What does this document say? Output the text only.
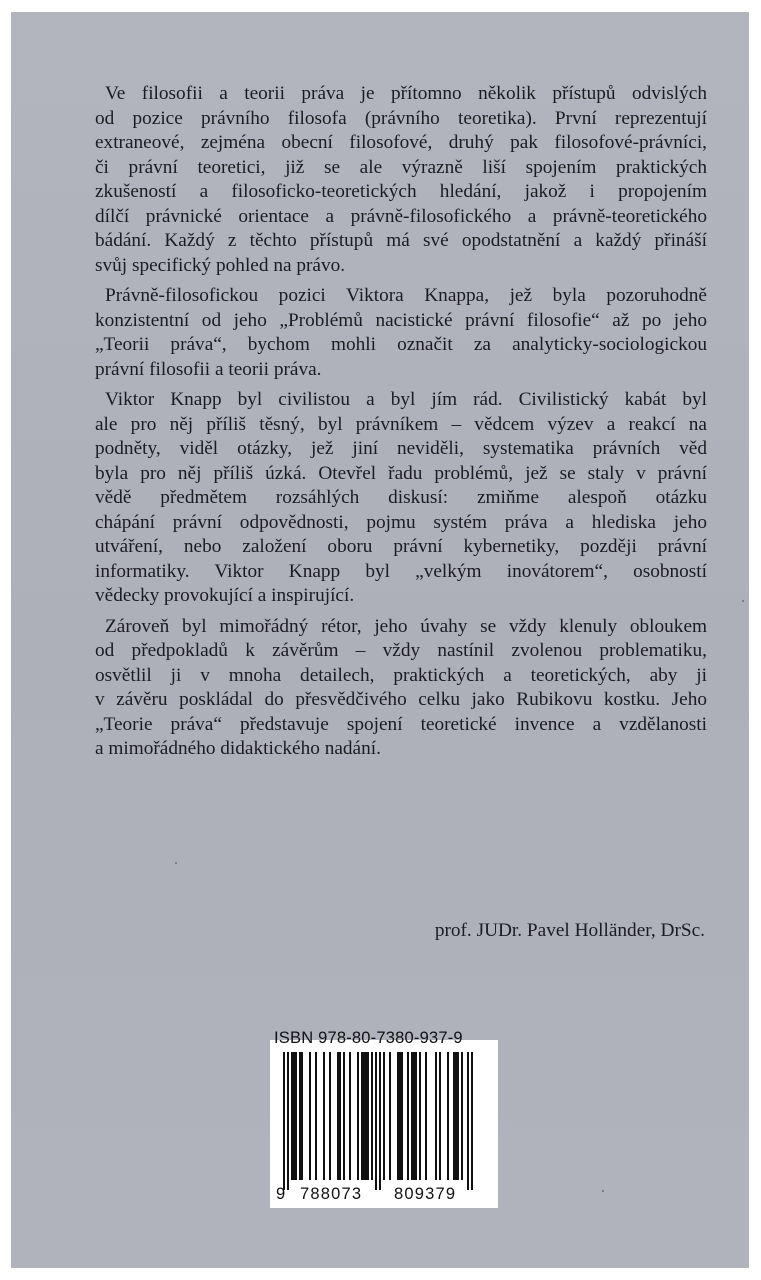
Ve filosofii a teorii práva je přítomno několik přístupů odvislých
od pozice právního filosofa (právního teoretika). První reprezentují
extraneové, zejména obecní filosofové, druhý pak filosofové-právníci,
či právní teoretici, již se ale výrazně liší spojením praktických
zkušeností a filosoficko-teoretických hledání, jakož i propojením
dílčí právnické orientace a právně-filosofického a právně-teoretického
bádání. Každý z těchto přístupů má své opodstatnění a každý přináší
svůj specifický pohled na právo.
Právně-filosofickou pozici Viktora Knappa, jež byla pozoruhodně
konzistentní od jeho „Problémů nacistické právní filosofie“ až po jeho
„Teorii práva“, bychom mohli označit za analyticky-sociologickou
právní filosofii a teorii práva.
Viktor Knapp byl civilistou a byl jím rád. Civilistický kabát byl
ale pro něj příliš těsný, byl právníkem – vědcem výzev a reakcí na
podněty, viděl otázky, jež jiní neviděli, systematika právních věd
byla pro něj příliš úzká. Otevřel řadu problémů, jež se staly v právní
vědě předmětem rozsáhlých diskusí: zmiňme alespoň otázku
chápání právní odpovědnosti, pojmu systém práva a hlediska jeho
utváření, nebo založení oboru právní kybernetiky, později právní
informatiky. Viktor Knapp byl „velkým inovátorem“, osobností
vědecky provokující a inspirující.
Zároveň byl mimořádný rétor, jeho úvahy se vždy klenuly obloukem
od předpokladů k závěrům – vždy nastínil zvolenou problematiku,
osvětlil ji v mnoha detailech, praktických a teoretických, aby ji
v závěru poskládal do přesvědčivého celku jako Rubikovu kostku. Jeho
„Teorie práva“ představuje spojení teoretické invence a vzdělanosti
a mimořádného didaktického nadání.
prof. JUDr. Pavel Holländer, DrSc.
ISBN 978-80-7380-937-9
9 788073 809379
